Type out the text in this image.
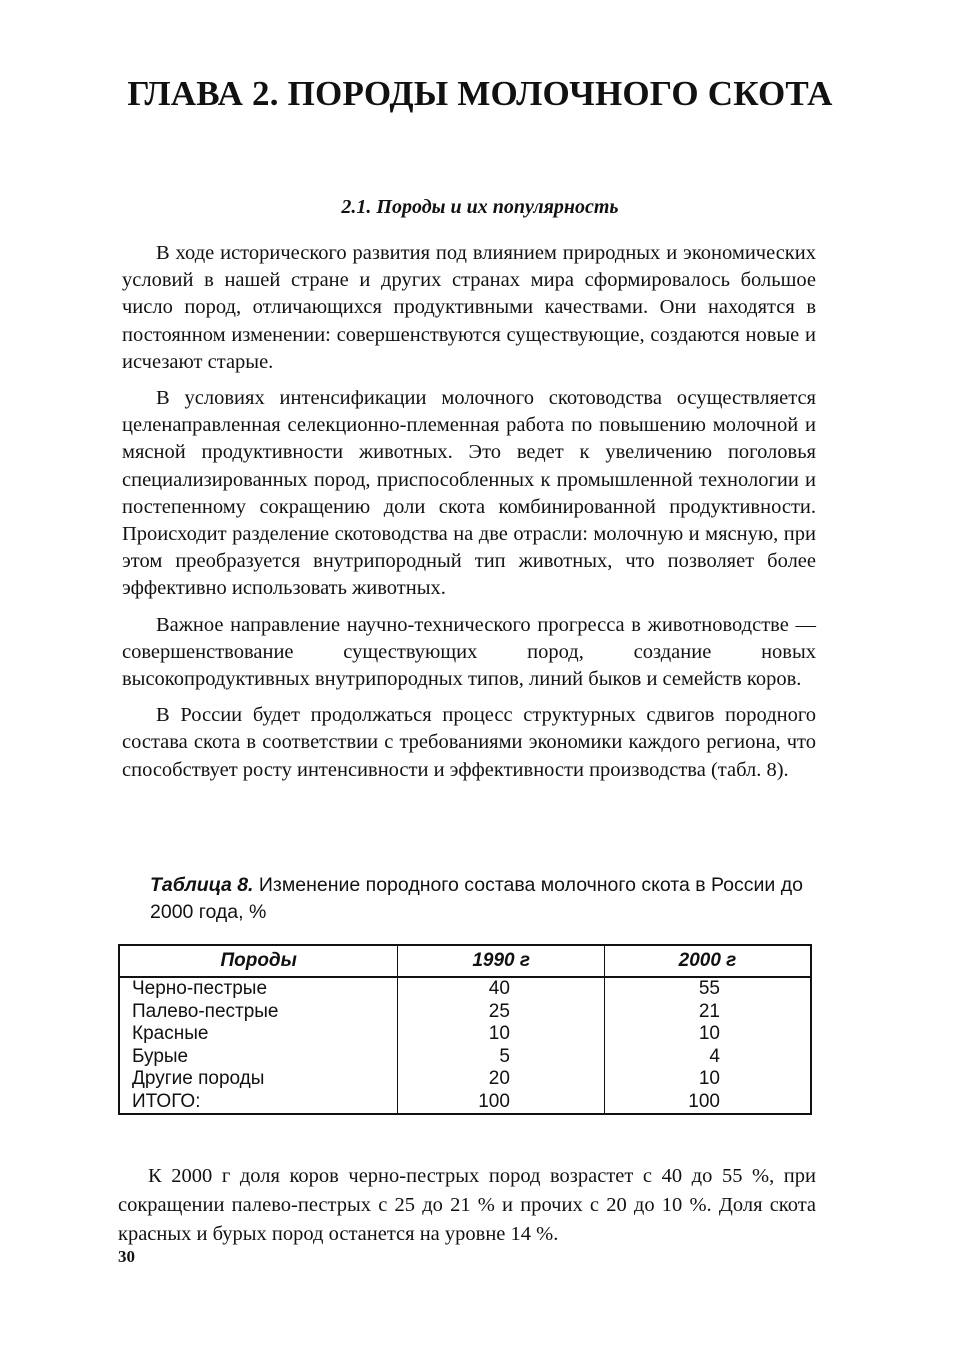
ГЛАВА 2. ПОРОДЫ МОЛОЧНОГО СКОТА
2.1. Породы и их популярность

В ходе исторического развития под влиянием природных и экономических условий в нашей стране и других странах мира сформировалось большое число пород, отличающихся продуктивными качествами. Они находятся в постоянном изменении: совершенствуются существующие, создаются новые и исчезают старые.

В условиях интенсификации молочного скотоводства осуществляется целенаправленная селекционно-племенная работа по повышению молочной и мясной продуктивности животных. Это ведет к увеличению поголовья специализированных пород, приспособленных к промышленной технологии и постепенному сокращению доли скота комбинированной продуктивности. Происходит разделение скотоводства на две отрасли: молочную и мясную, при этом преобразуется внутрипородный тип животных, что позволяет более эффективно использовать животных.

Важное направление научно-технического прогресса в животноводстве — совершенствование существующих пород, создание новых высокопродуктивных внутрипородных типов, линий быков и семейств коров.

В России будет продолжаться процесс структурных сдвигов породного состава скота в соответствии с требованиями экономики каждого региона, что способствует росту интенсивности и эффективности производства (табл. 8).

Таблица 8. Изменение породного состава молочного скота в России до 2000 года, %

Породы	1990 г	2000 г
Черно-пестрые	40	55
Палево-пестрые	25	21
Красные	10	10
Бурые	5	4
Другие породы	20	10
ИТОГО:	100	100

К 2000 г доля коров черно-пестрых пород возрастет с 40 до 55 %, при сокращении палево-пестрых с 25 до 21 % и прочих с 20 до 10 %. Доля скота красных и бурых пород останется на уровне 14 %.

30
